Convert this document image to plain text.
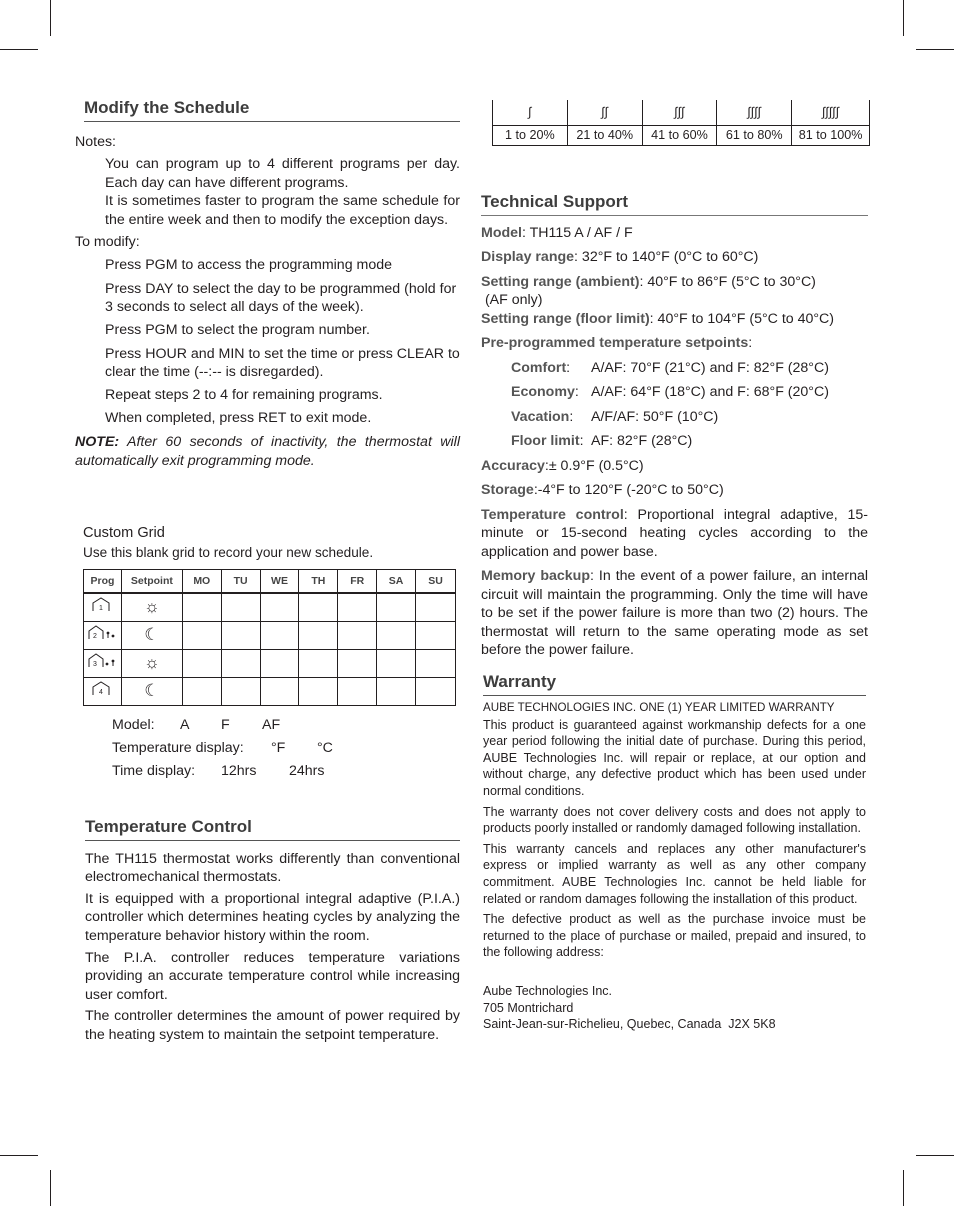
Modify the Schedule

Notes:

You can program up to 4 different programs per day. Each day can have different programs.

It is sometimes faster to program the same schedule for the entire week and then to modify the exception days.

To modify:

Press PGM to access the programming mode

Press DAY to select the day to be programmed (hold for 3 seconds to select all days of the week).

Press PGM to select the program number.

Press HOUR and MIN to set the time or press CLEAR to clear the time (--:-- is disregarded).

Repeat steps 2 to 4 for remaining programs.

When completed, press RET to exit mode.

NOTE: After 60 seconds of inactivity, the thermostat will automatically exit programming mode.

Custom Grid

Use this blank grid to record your new schedule.

Prog	Setpoint	MO	TU	WE	TH	FR	SA	SU

1	☼							

2	☾							

3	☼							

4	☾							
Model:	A	F	AF
Temperature display:	°F	°C
Time display:	12hrs	24hrs
Temperature Control

The TH115 thermostat works differently than conventional electromechanical thermostats.

It is equipped with a proportional integral adaptive (P.I.A.) controller which determines heating cycles by analyzing the temperature behavior history within the room.

The P.I.A. controller reduces temperature variations providing an accurate temperature control while increasing user comfort.

The controller determines the amount of power required by the heating system to maintain the setpoint temperature.

∫	∫∫	∫∫∫	∫∫∫∫	∫∫∫∫∫
1 to 20%	21 to 40%	41 to 60%	61 to 80%	81 to 100%
Technical Support

Model: TH115 A / AF / F

Display range: 32°F to 140°F (0°C to 60°C)

Setting range (ambient): 40°F to 86°F (5°C to 30°C)

(AF only)

Setting range (floor limit): 40°F to 104°F (5°C to 40°C)

Pre-programmed temperature setpoints:

Comfort:	A/AF: 70°F (21°C) and F: 82°F (28°C)
Economy: A/AF: 64°F (18°C) and F: 68°F (20°C)
Vacation:	A/F/AF: 50°F (10°C)
Floor limit: AF: 82°F (28°C)

Accuracy:± 0.9°F (0.5°C)

Storage:-4°F to 120°F (-20°C to 50°C)

Temperature control: Proportional integral adaptive, 15-minute or 15-second heating cycles according to the application and power base.

Memory backup: In the event of a power failure, an internal circuit will maintain the programming. Only the time will have to be set if the power failure is more than two (2) hours. The thermostat will return to the same operating mode as set before the power failure.

Warranty

AUBE TECHNOLOGIES INC. ONE (1) YEAR LIMITED WARRANTY

This product is guaranteed against workmanship defects for a one year period following the initial date of purchase. During this period, AUBE Technologies Inc. will repair or replace, at our option and without charge, any defective product which has been used under normal conditions.

The warranty does not cover delivery costs and does not apply to products poorly installed or randomly damaged following installation.

This warranty cancels and replaces any other manufacturer's express or implied warranty as well as any other company commitment. AUBE Technologies Inc. cannot be held liable for related or random damages following the installation of this product.

The defective product as well as the purchase invoice must be returned to the place of purchase or mailed, prepaid and insured, to the following address:

Aube Technologies Inc.

705 Montrichard

Saint-Jean-sur-Richelieu, Quebec, Canada  J2X 5K8
